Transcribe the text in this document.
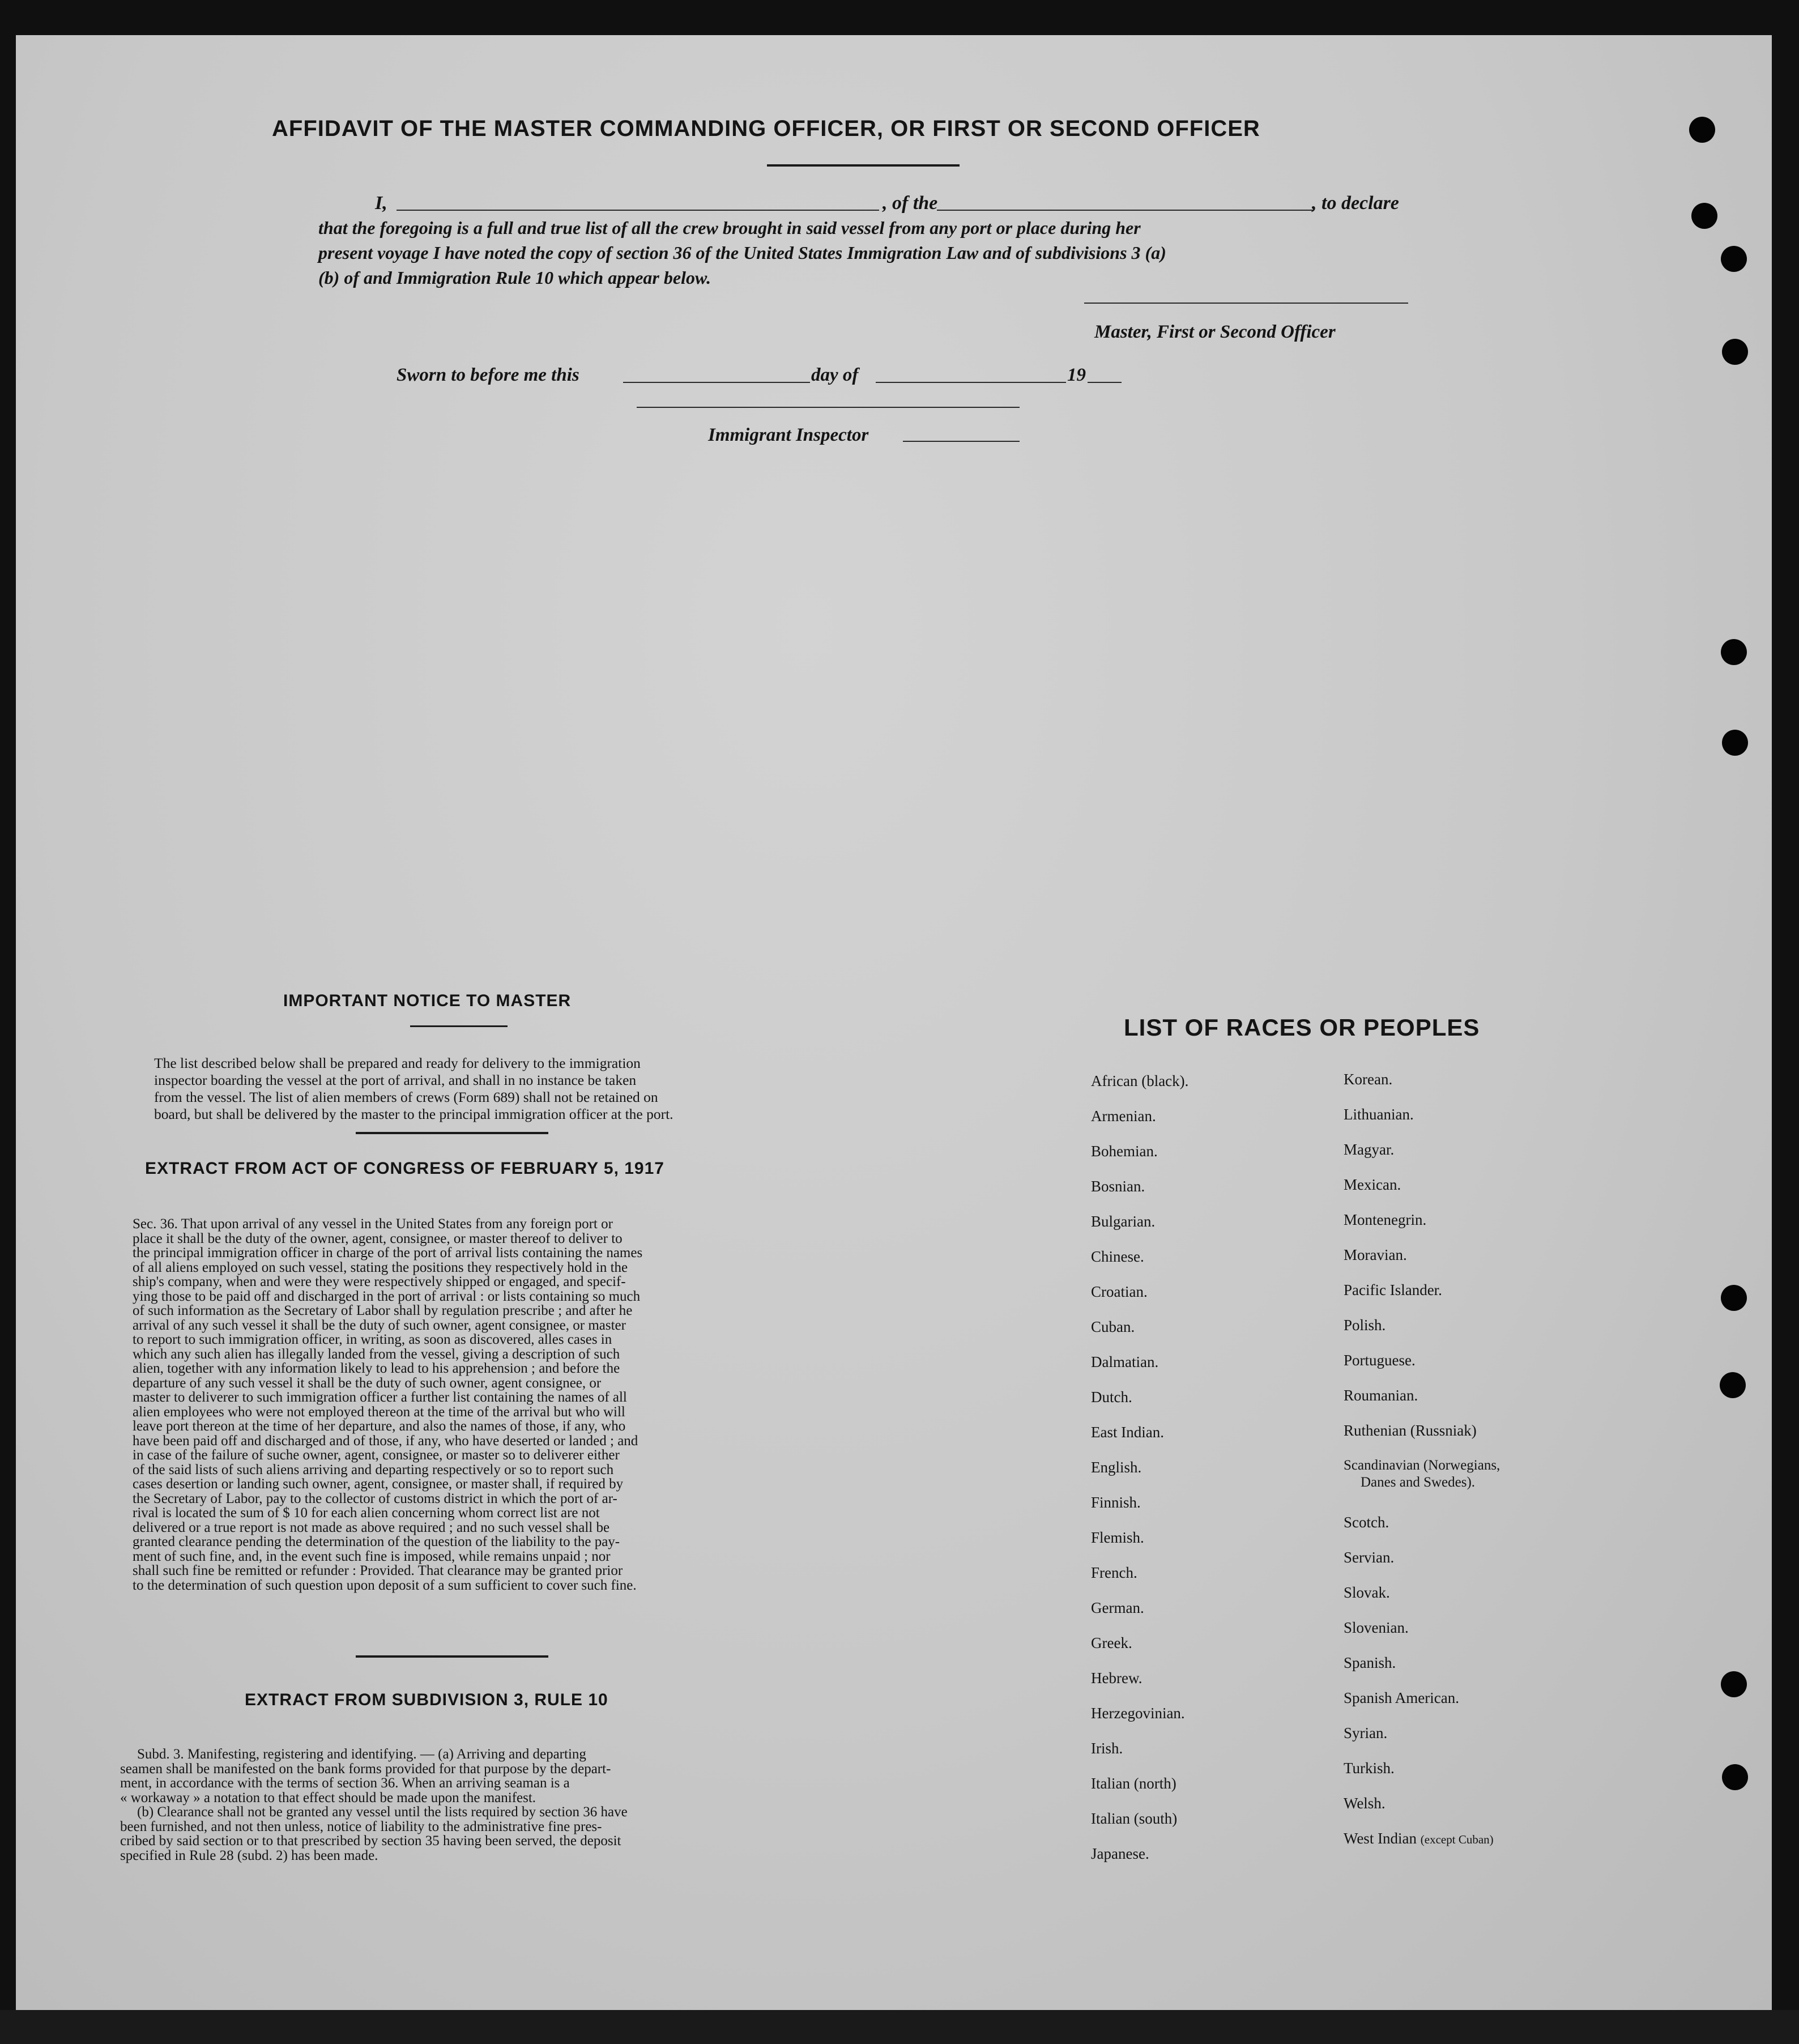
AFFIDAVIT OF THE MASTER COMMANDING OFFICER, OR FIRST OR SECOND OFFICER
I,	, of the	, to declare
that the foregoing is a full and true list of all the crew brought in said vessel from any port or place during her
present voyage I have noted the copy of section 36 of the United States Immigration Law and of subdivisions 3 (a)
(b) of and Immigration Rule 10 which appear below.
Master, First or Second Officer
Sworn to before me this	day of	19
Immigrant Inspector
IMPORTANT NOTICE TO MASTER
The list described below shall be prepared and ready for delivery to the immigration
inspector boarding the vessel at the port of arrival, and shall in no instance be taken
from the vessel. The list of alien members of crews (Form 689) shall not be retained on
board, but shall be delivered by the master to the principal immigration officer at the port.
EXTRACT FROM ACT OF CONGRESS OF FEBRUARY 5, 1917
Sec. 36. That upon arrival of any vessel in the United States from any foreign port or
place it shall be the duty of the owner, agent, consignee, or master thereof to deliver to
the principal immigration officer in charge of the port of arrival lists containing the names
of all aliens employed on such vessel, stating the positions they respectively hold in the
ship's company, when and were they were respectively shipped or engaged, and specif-
ying those to be paid off and discharged in the port of arrival : or lists containing so much
of such information as the Secretary of Labor shall by regulation prescribe ; and after he
arrival of any such vessel it shall be the duty of such owner, agent consignee, or master
to report to such immigration officer, in writing, as soon as discovered, alles cases in
which any such alien has illegally landed from the vessel, giving a description of such
alien, together with any information likely to lead to his apprehension ; and before the
departure of any such vessel it shall be the duty of such owner, agent consignee, or
master to deliverer to such immigration officer a further list containing the names of all
alien employees who were not employed thereon at the time of the arrival but who will
leave port thereon at the time of her departure, and also the names of those, if any, who
have been paid off and discharged and of those, if any, who have deserted or landed ; and
in case of the failure of suche owner, agent, consignee, or master so to deliverer either
of the said lists of such aliens arriving and departing respectively or so to report such
cases desertion or landing such owner, agent, consignee, or master shall, if required by
the Secretary of Labor, pay to the collector of customs district in which the port of ar-
rival is located the sum of $ 10 for each alien concerning whom correct list are not
delivered or a true report is not made as above required ; and no such vessel shall be
granted clearance pending the determination of the question of the liability to the pay-
ment of such fine, and, in the event such fine is imposed, while remains unpaid ; nor
shall such fine be remitted or refunder : Provided. That clearance may be granted prior
to the determination of such question upon deposit of a sum sufficient to cover such fine.
EXTRACT FROM SUBDIVISION 3, RULE 10
Subd. 3. Manifesting, registering and identifying. — (a) Arriving and departing
seamen shall be manifested on the bank forms provided for that purpose by the depart-
ment, in accordance with the terms of section 36. When an arriving seaman is a
« workaway » a notation to that effect should be made upon the manifest.
(b) Clearance shall not be granted any vessel until the lists required by section 36 have
been furnished, and not then unless, notice of liability to the administrative fine pres-
cribed by said section or to that prescribed by section 35 having been served, the deposit
specified in Rule 28 (subd. 2) has been made.
LIST OF RACES OR PEOPLES
African (black).
Armenian.
Bohemian.
Bosnian.
Bulgarian.
Chinese.
Croatian.
Cuban.
Dalmatian.
Dutch.
East Indian.
English.
Finnish.
Flemish.
French.
German.
Greek.
Hebrew.
Herzegovinian.
Irish.
Italian (north)
Italian (south)
Japanese.
Korean.
Lithuanian.
Magyar.
Mexican.
Montenegrin.
Moravian.
Pacific Islander.
Polish.
Portuguese.
Roumanian.
Ruthenian (Russniak)
Scandinavian (Norwegians,
Danes and Swedes).
Scotch.
Servian.
Slovak.
Slovenian.
Spanish.
Spanish American.
Syrian.
Turkish.
Welsh.
West Indian (except Cuban)
